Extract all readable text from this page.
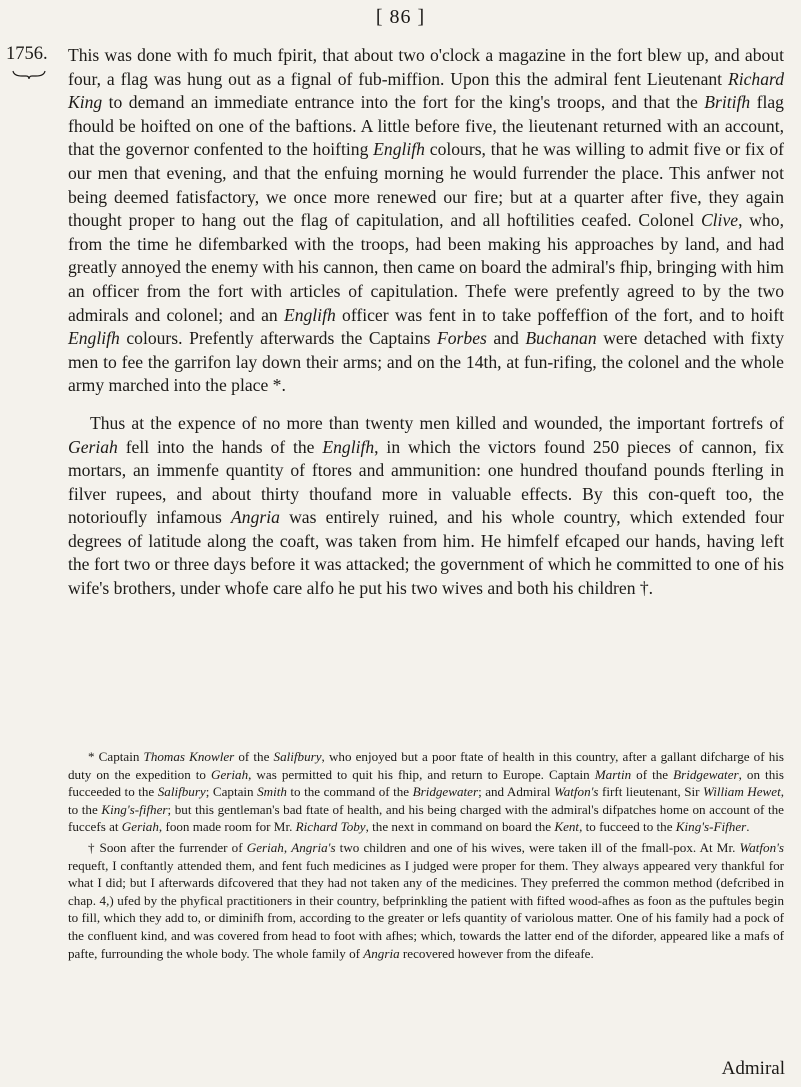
[ 86 ]
1756. This was done with fo much fpirit, that about two o'clock a magazine in the fort blew up, and about four, a flag was hung out as a fignal of fub-miffion. Upon this the admiral fent Lieutenant Richard King to demand an immediate entrance into the fort for the king's troops, and that the Britifh flag fhould be hoifted on one of the baftions. A little before five, the lieutenant returned with an account, that the governor confented to the hoifting Englifh colours, that he was willing to admit five or fix of our men that evening, and that the enfuing morning he would furrender the place. This anfwer not being deemed fatisfactory, we once more renewed our fire; but at a quarter after five, they again thought proper to hang out the flag of capitulation, and all hoftilities ceafed. Colonel Clive, who, from the time he difembarked with the troops, had been making his approaches by land, and had greatly annoyed the enemy with his cannon, then came on board the admiral's fhip, bringing with him an officer from the fort with articles of capitulation. Thefe were prefently agreed to by the two admirals and colonel; and an Englifh officer was fent in to take poffeffion of the fort, and to hoift Englifh colours. Prefently afterwards the Captains Forbes and Buchanan were detached with fixty men to fee the garrifon lay down their arms; and on the 14th, at fun-rifing, the colonel and the whole army marched into the place *.

Thus at the expence of no more than twenty men killed and wounded, the important fortrefs of Geriah fell into the hands of the Englifh, in which the victors found 250 pieces of cannon, fix mortars, an immenfe quantity of ftores and ammunition: one hundred thoufand pounds fterling in filver rupees, and about thirty thoufand more in valuable effects. By this con-queft too, the notorioufly infamous Angria was entirely ruined, and his whole country, which extended four degrees of latitude along the coaft, was taken from him. He himfelf efcaped our hands, having left the fort two or three days before it was attacked; the government of which he committed to one of his wife's brothers, under whofe care alfo he put his two wives and both his children †.

* Captain Thomas Knowler of the Salifbury, who enjoyed but a poor ftate of health in this country, after a gallant difcharge of his duty on the expedition to Geriah, was permitted to quit his fhip, and return to Europe. Captain Martin of the Bridgewater, on this fucceeded to the Salifbury; Captain Smith to the command of the Bridgewater; and Admiral Watfon's firft lieutenant, Sir William Hewet, to the King's-fifher; but this gentleman's bad ftate of health, and his being charged with the admiral's difpatches home on account of the fuccefs at Geriah, foon made room for Mr. Richard Toby, the next in command on board the Kent, to fucceed to the King's-Fifher.

† Soon after the furrender of Geriah, Angria's two children and one of his wives, were taken ill of the fmall-pox. At Mr. Watfon's requeft, I conftantly attended them, and fent fuch medicines as I judged were proper for them. They always appeared very thankful for what I did; but I afterwards difcovered that they had not taken any of the medicines. They preferred the common method (defcribed in chap. 4,) ufed by the phyfical practitioners in their country, befprinkling the patient with fifted wood-afhes as foon as the puftules begin to fill, which they add to, or diminifh from, according to the greater or lefs quantity of variolous matter. One of his family had a pock of the confluent kind, and was covered from head to foot with afhes; which, towards the latter end of the diforder, appeared like a mafs of pafte, furrounding the whole body. The whole family of Angria recovered however from the difeafe.

Admiral
